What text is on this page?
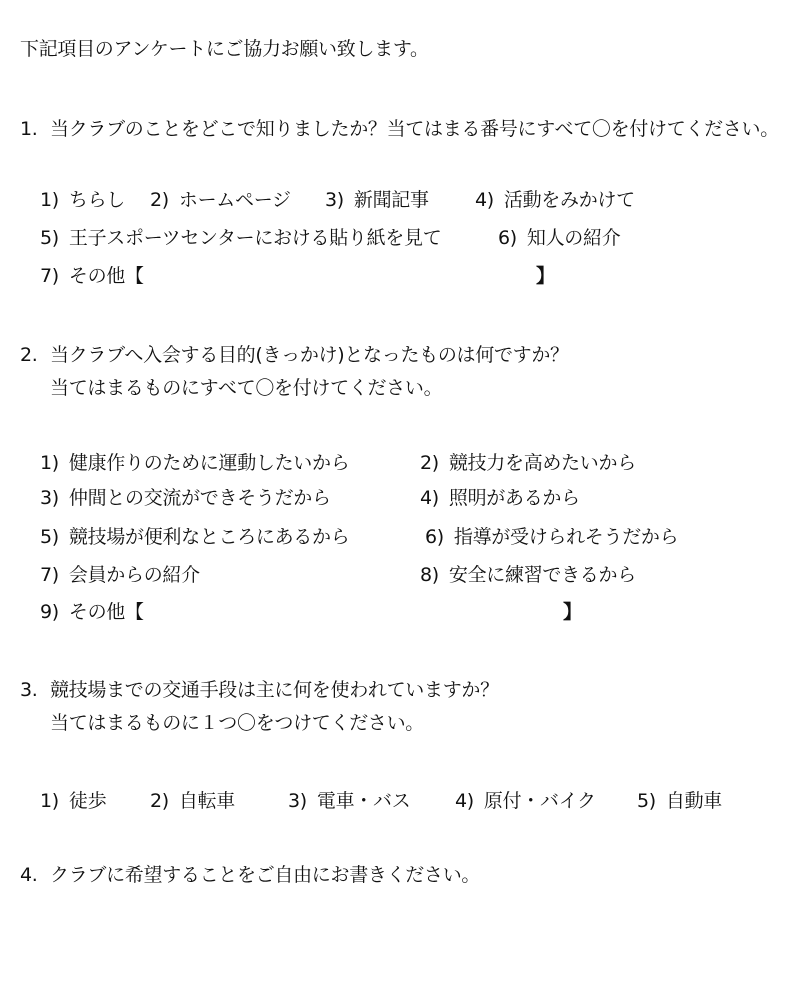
下記項目のアンケートにご協力お願い致します。
1. 当クラブのことをどこで知りましたか？当てはまる番号にすべて〇を付けてください。
1) ちらし 2) ホームページ 3) 新聞記事 4) 活動をみかけて
5) 王子スポーツセンターにおける貼り紙を見て	6) 知人の紹介
7) その他【	】
2. 当クラブへ入会する目的(きっかけ)となったものは何ですか？
当てはまるものにすべて〇を付けてください。
1) 健康作りのために運動したいから	2) 競技力を高めたいから
3) 仲間との交流ができそうだから	4) 照明があるから
5) 競技場が便利なところにあるから	6) 指導が受けられそうだから
7) 会員からの紹介	8) 安全に練習できるから
9) その他【	】
3. 競技場までの交通手段は主に何を使われていますか？
当てはまるものに１つ〇をつけてください。
1) 徒歩 2) 自転車	3) 電車・バス 4) 原付・バイク 5) 自動車
4. クラブに希望することをご自由にお書きください。
